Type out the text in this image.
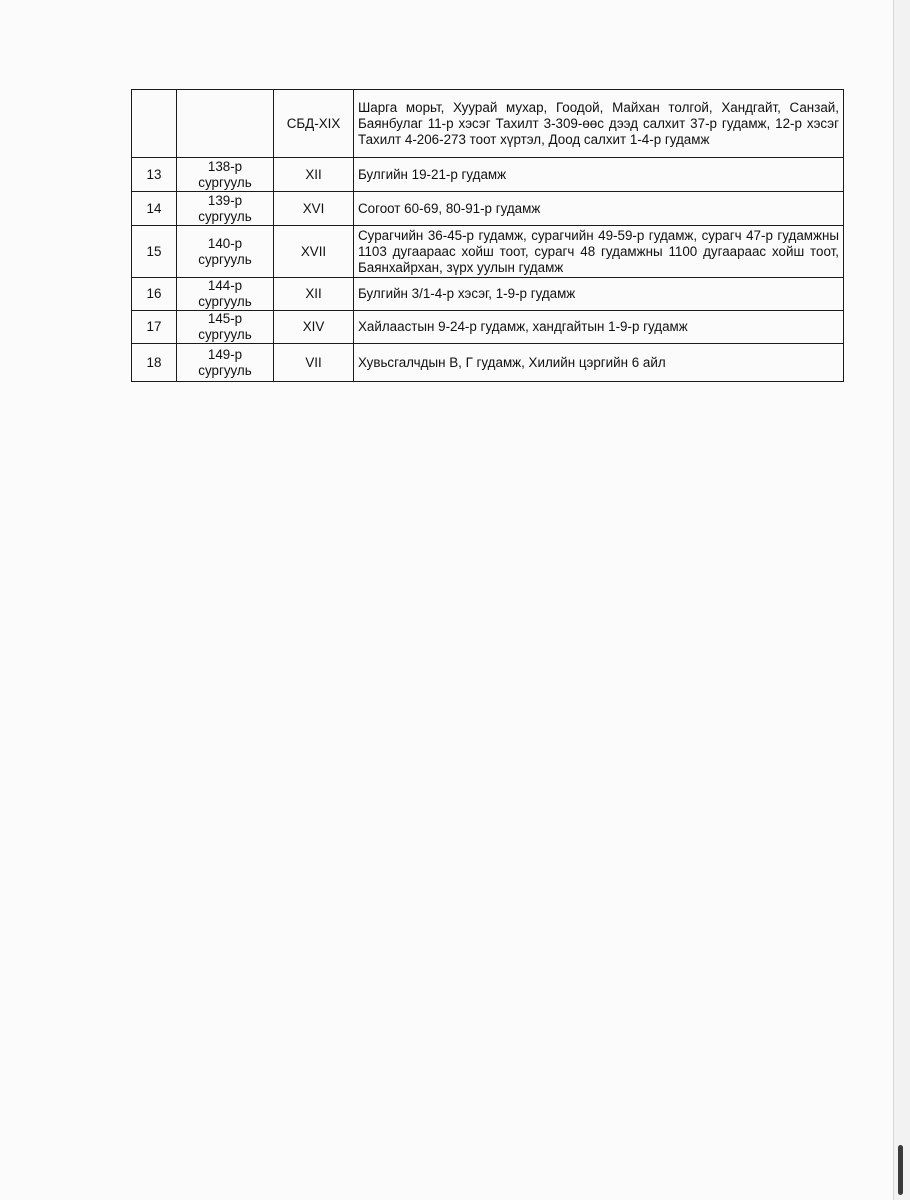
		СБД-XIX	Шарга морьт, Хуурай мухар, Гоодой, Майхан толгой, Хандгайт, Санзай, Баянбулаг 11-р хэсэг Тахилт 3-309-өөс дээд салхит 37-р гудамж, 12-р хэсэг Тахилт 4-206-273 тоот хүртэл, Доод салхит 1-4-р гудамж
13	138-р сургууль	XII	Булгийн 19-21-р гудамж
14	139-р сургууль	XVI	Согоот 60-69, 80-91-р гудамж
15	140-р сургууль	XVII	Сурагчийн 36-45-р гудамж, сурагчийн 49-59-р гудамж, сурагч 47-р гудамжны 1103 дугаараас хойш тоот, сурагч 48 гудамжны 1100 дугаараас хойш тоот, Баянхайрхан, зүрх уулын гудамж
16	144-р сургууль	XII	Булгийн 3/1-4-р хэсэг, 1-9-р гудамж
17	145-р сургууль	XIV	Хайлаастын 9-24-р гудамж, хандгайтын 1-9-р гудамж
18	149-р сургууль	VII	Хувьсгалчдын В, Г гудамж, Хилийн цэргийн 6 айл
